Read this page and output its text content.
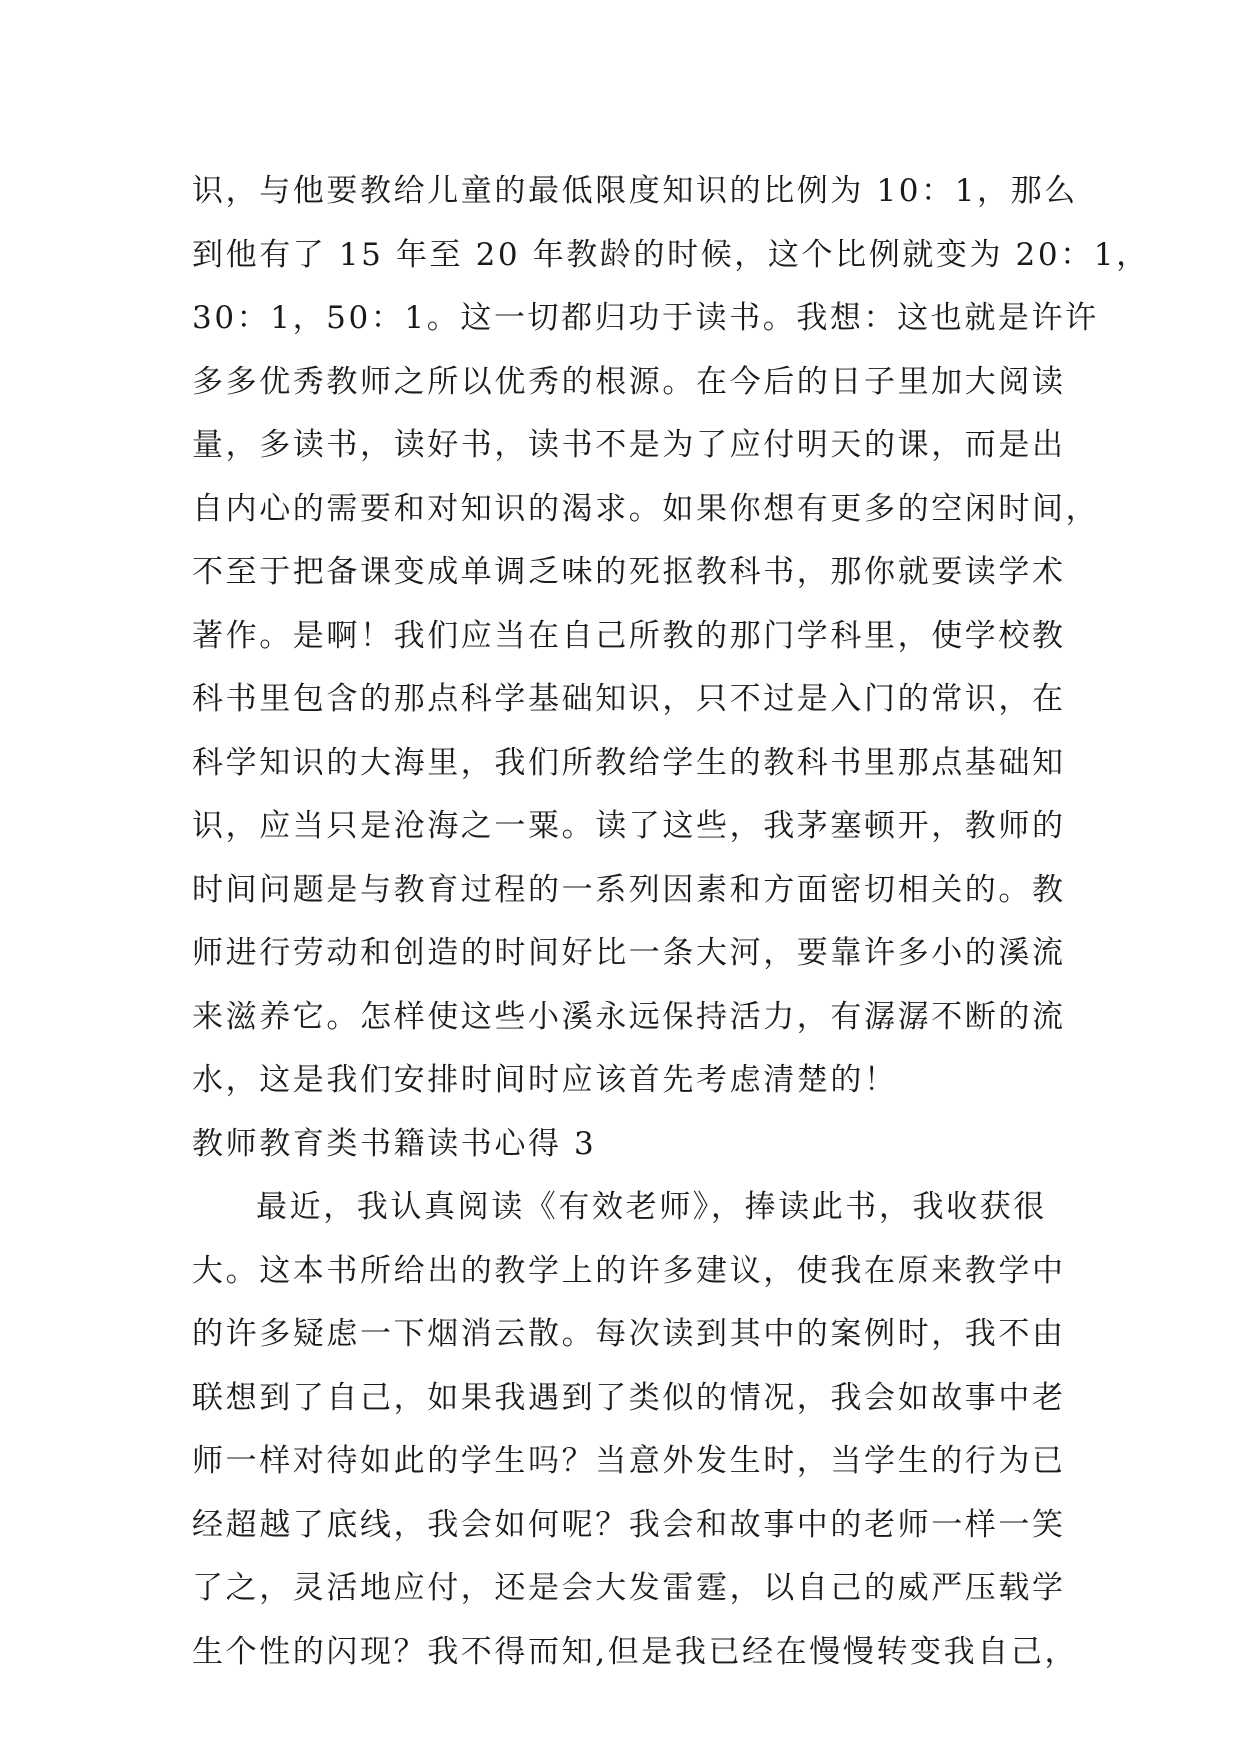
识，与他要教给儿童的最低限度知识的比例为 10：1，那么
到他有了 15 年至 20 年教龄的时候，这个比例就变为 20：1，
30：1，50：1。这一切都归功于读书。我想：这也就是许许
多多优秀教师之所以优秀的根源。在今后的日子里加大阅读
量，多读书，读好书，读书不是为了应付明天的课，而是出
自内心的需要和对知识的渴求。如果你想有更多的空闲时间，
不至于把备课变成单调乏味的死抠教科书，那你就要读学术
著作。是啊！我们应当在自己所教的那门学科里，使学校教
科书里包含的那点科学基础知识，只不过是入门的常识，在
科学知识的大海里，我们所教给学生的教科书里那点基础知
识，应当只是沧海之一粟。读了这些，我茅塞顿开，教师的
时间问题是与教育过程的一系列因素和方面密切相关的。教
师进行劳动和创造的时间好比一条大河，要靠许多小的溪流
来滋养它。怎样使这些小溪永远保持活力，有潺潺不断的流
水，这是我们安排时间时应该首先考虑清楚的！
教师教育类书籍读书心得 3
最近，我认真阅读《有效老师》，捧读此书，我收获很
大。这本书所给出的教学上的许多建议，使我在原来教学中
的许多疑虑一下烟消云散。每次读到其中的案例时，我不由
联想到了自己，如果我遇到了类似的情况，我会如故事中老
师一样对待如此的学生吗？当意外发生时，当学生的行为已
经超越了底线，我会如何呢？我会和故事中的老师一样一笑
了之，灵活地应付，还是会大发雷霆，以自己的威严压载学
生个性的闪现？我不得而知,但是我已经在慢慢转变我自己，
